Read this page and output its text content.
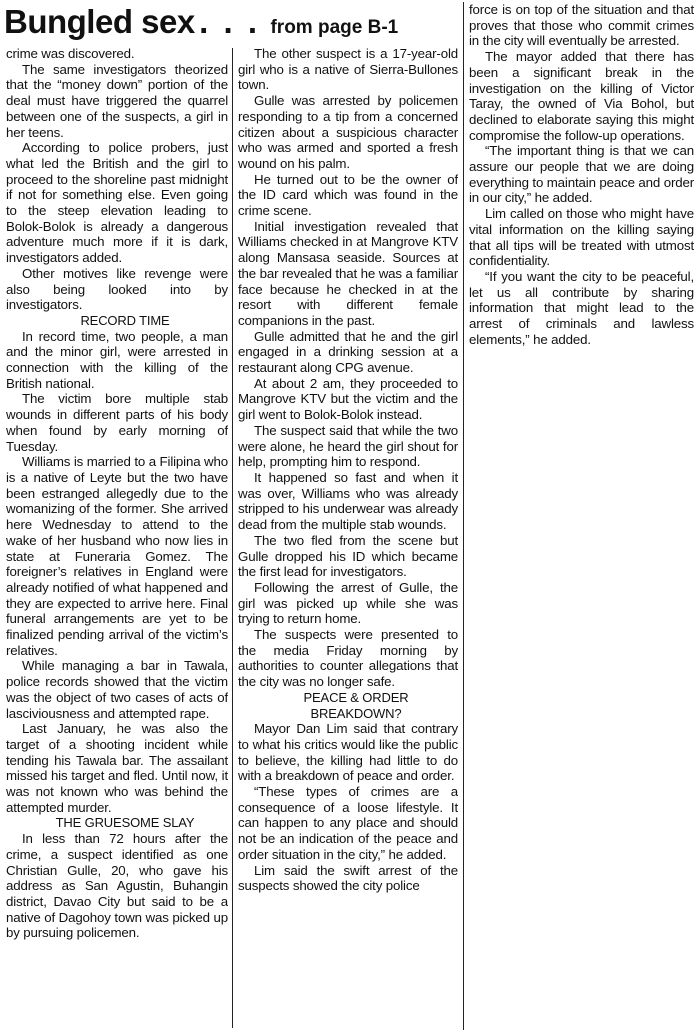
Bungled sex . . . from page B-1

crime was discovered.

The same investigators theorized that the “money down” portion of the deal must have triggered the quarrel between one of the suspects, a girl in her teens.

According to police probers, just what led the British and the girl to proceed to the shoreline past midnight if not for something else. Even going to the steep elevation leading to Bolok-Bolok is already a dangerous adventure much more if it is dark, investigators added.

Other motives like revenge were also being looked into by investigators.

RECORD TIME

In record time, two people, a man and the minor girl, were arrested in connection with the killing of the British national.

The victim bore multiple stab wounds in different parts of his body when found by early morning of Tuesday.

Williams is married to a Filipina who is a native of Leyte but the two have been estranged allegedly due to the womanizing of the former. She arrived here Wednesday to attend to the wake of her husband who now lies in state at Funeraria Gomez. The foreigner’s relatives in England were already notified of what happened and they are expected to arrive here. Final funeral arrangements are yet to be finalized pending arrival of the victim’s relatives.

While managing a bar in Tawala, police records showed that the victim was the object of two cases of acts of lasciviousness and attempted rape.

Last January, he was also the target of a shooting incident while tending his Tawala bar. The assailant missed his target and fled. Until now, it was not known who was behind the attempted murder.

THE GRUESOME SLAY

In less than 72 hours after the crime, a suspect identified as one Christian Gulle, 20, who gave his address as San Agustin, Buhangin district, Davao City but said to be a native of Dagohoy town was picked up by pursuing policemen.

The other suspect is a 17-year-old girl who is a native of Sierra-Bullones town.

Gulle was arrested by policemen responding to a tip from a concerned citizen about a suspicious character who was armed and sported a fresh wound on his palm.

He turned out to be the owner of the ID card which was found in the crime scene.

Initial investigation revealed that Williams checked in at Mangrove KTV along Mansasa seaside. Sources at the bar revealed that he was a familiar face because he checked in at the resort with different female companions in the past.

Gulle admitted that he and the girl engaged in a drinking session at a restaurant along CPG avenue.

At about 2 am, they proceeded to Mangrove KTV but the victim and the girl went to Bolok-Bolok instead.

The suspect said that while the two were alone, he heard the girl shout for help, prompting him to respond.

It happened so fast and when it was over, Williams who was already stripped to his underwear was already dead from the multiple stab wounds.

The two fled from the scene but Gulle dropped his ID which became the first lead for investigators.

Following the arrest of Gulle, the girl was picked up while she was trying to return home.

The suspects were presented to the media Friday morning by authorities to counter allegations that the city was no longer safe.

PEACE & ORDER

BREAKDOWN?

Mayor Dan Lim said that contrary to what his critics would like the public to believe, the killing had little to do with a breakdown of peace and order.

“These types of crimes are a consequence of a loose lifestyle. It can happen to any place and should not be an indication of the peace and order situation in the city,” he added.

Lim said the swift arrest of the suspects showed the city police

force is on top of the situation and that proves that those who commit crimes in the city will eventually be arrested.

The mayor added that there has been a significant break in the investigation on the killing of Victor Taray, the owned of Via Bohol, but declined to elaborate saying this might compromise the follow-up operations.

“The important thing is that we can assure our people that we are doing everything to maintain peace and order in our city,” he added.

Lim called on those who might have vital information on the killing saying that all tips will be treated with utmost confidentiality.

“If you want the city to be peaceful, let us all contribute by sharing information that might lead to the arrest of criminals and lawless elements,” he added.
